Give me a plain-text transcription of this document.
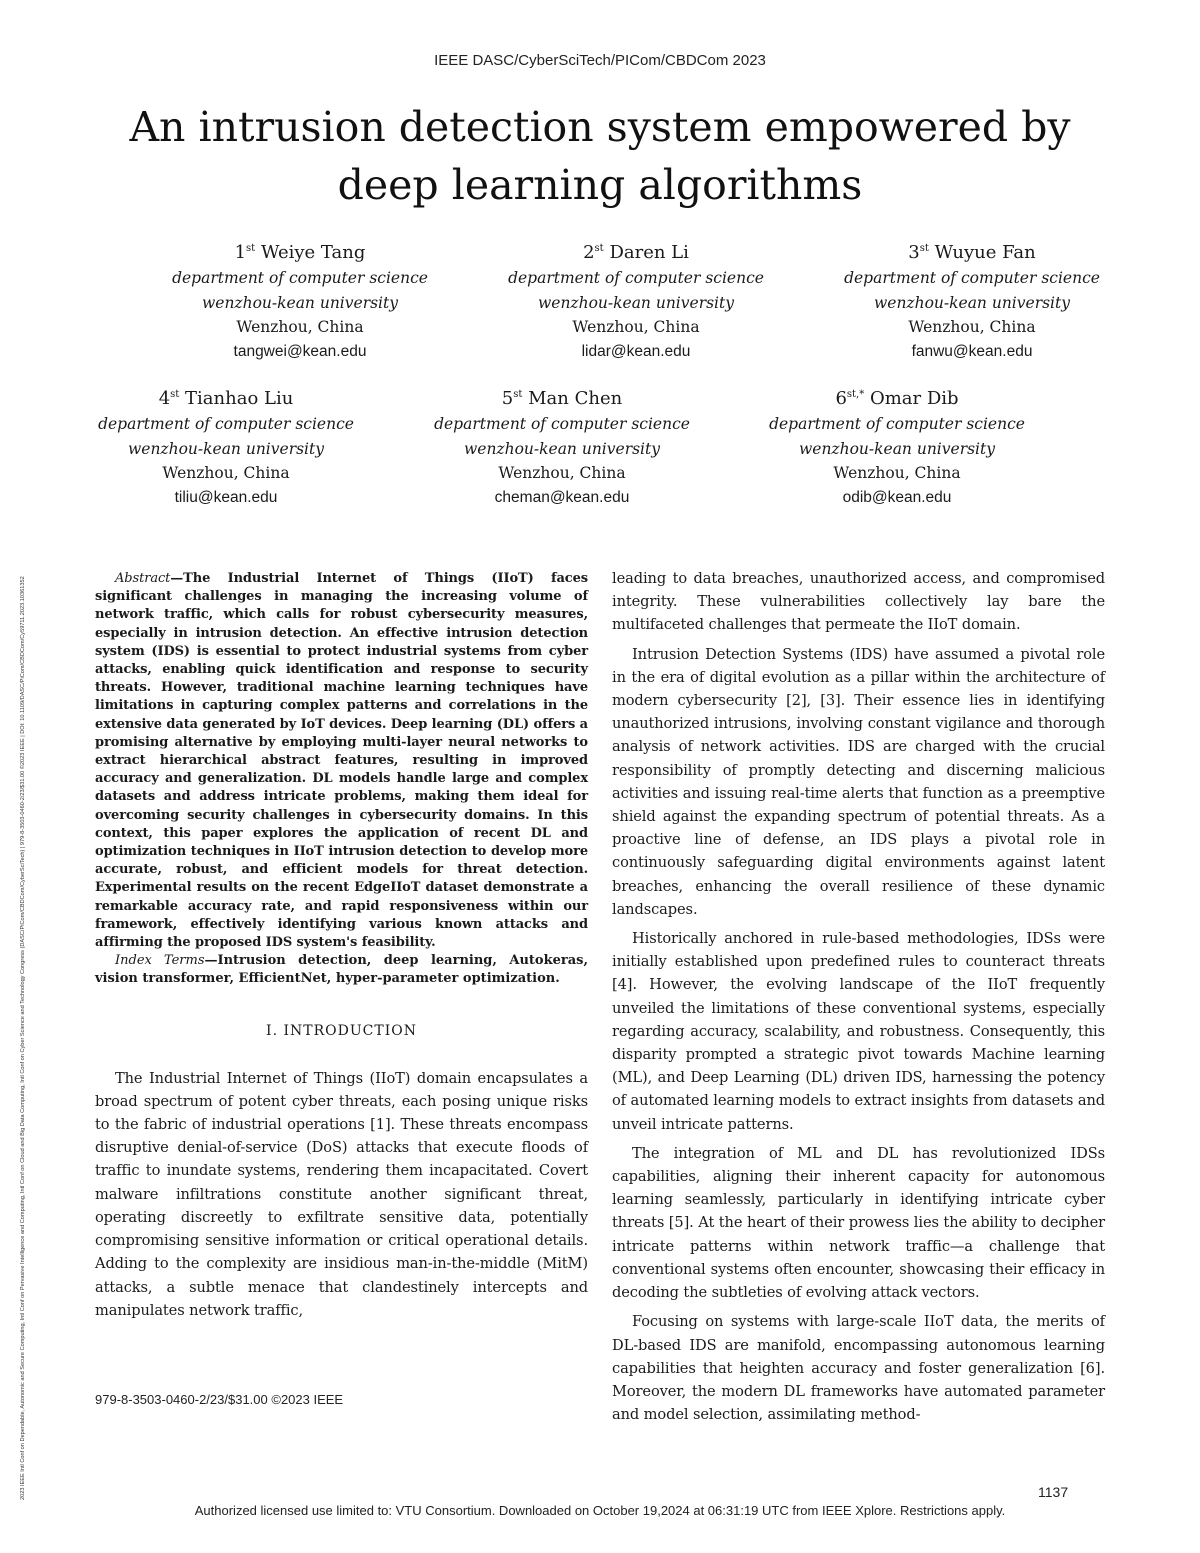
IEEE DASC/CyberSciTech/PICom/CBDCom 2023
2023 IEEE Intl Conf on Dependable, Autonomic and Secure Computing, Intl Conf on Pervasive Intelligence and Computing, Intl Conf on Cloud and Big Data Computing, Intl Conf on Cyber Science and Technology Congress (DASC/PiCom/CBDCom/CyberSciTech) | 979-8-3503-0460-2/23/$31.00 ©2023 IEEE | DOI: 10.1109/DASC/PiCom/CBDCom/Cy59711.2023.10361352
An intrusion detection system empowered by deep learning algorithms
1st Weiye Tang
department of computer science
wenzhou-kean university
Wenzhou, China
tangwei@kean.edu
2st Daren Li
department of computer science
wenzhou-kean university
Wenzhou, China
lidar@kean.edu
3st Wuyue Fan
department of computer science
wenzhou-kean university
Wenzhou, China
fanwu@kean.edu
4st Tianhao Liu
department of computer science
wenzhou-kean university
Wenzhou, China
tiliu@kean.edu
5st Man Chen
department of computer science
wenzhou-kean university
Wenzhou, China
cheman@kean.edu
$6^{st,*}$ Omar Dib
department of computer science
wenzhou-kean university
Wenzhou, China
odib@kean.edu

Abstract—The Industrial Internet of Things (IIoT) faces significant challenges in managing the increasing volume of network traffic, which calls for robust cybersecurity measures, especially in intrusion detection. An effective intrusion detection system (IDS) is essential to protect industrial systems from cyber attacks, enabling quick identification and response to security threats. However, traditional machine learning techniques have limitations in capturing complex patterns and correlations in the extensive data generated by IoT devices. Deep learning (DL) offers a promising alternative by employing multi-layer neural networks to extract hierarchical abstract features, resulting in improved accuracy and generalization. DL models handle large and complex datasets and address intricate problems, making them ideal for overcoming security challenges in cybersecurity domains. In this context, this paper explores the application of recent DL and optimization techniques in IIoT intrusion detection to develop more accurate, robust, and efficient models for threat detection. Experimental results on the recent EdgeIIoT dataset demonstrate a remarkable accuracy rate, and rapid responsiveness within our framework, effectively identifying various known attacks and affirming the proposed IDS system's feasibility.

Index Terms—Intrusion detection, deep learning, Autokeras, vision transformer, EfficientNet, hyper-parameter optimization.

I. INTRODUCTION

The Industrial Internet of Things (IIoT) domain encapsulates a broad spectrum of potent cyber threats, each posing unique risks to the fabric of industrial operations [1]. These threats encompass disruptive denial-of-service (DoS) attacks that execute floods of traffic to inundate systems, rendering them incapacitated. Covert malware infiltrations constitute another significant threat, operating discreetly to exfiltrate sensitive data, potentially compromising sensitive information or critical operational details. Adding to the complexity are insidious man-in-the-middle (MitM) attacks, a subtle menace that clandestinely intercepts and manipulates network traffic,

leading to data breaches, unauthorized access, and compromised integrity. These vulnerabilities collectively lay bare the multifaceted challenges that permeate the IIoT domain.

Intrusion Detection Systems (IDS) have assumed a pivotal role in the era of digital evolution as a pillar within the architecture of modern cybersecurity [2], [3]. Their essence lies in identifying unauthorized intrusions, involving constant vigilance and thorough analysis of network activities. IDS are charged with the crucial responsibility of promptly detecting and discerning malicious activities and issuing real-time alerts that function as a preemptive shield against the expanding spectrum of potential threats. As a proactive line of defense, an IDS plays a pivotal role in continuously safeguarding digital environments against latent breaches, enhancing the overall resilience of these dynamic landscapes.

Historically anchored in rule-based methodologies, IDSs were initially established upon predefined rules to counteract threats [4]. However, the evolving landscape of the IIoT frequently unveiled the limitations of these conventional systems, especially regarding accuracy, scalability, and robustness. Consequently, this disparity prompted a strategic pivot towards Machine learning (ML), and Deep Learning (DL) driven IDS, harnessing the potency of automated learning models to extract insights from datasets and unveil intricate patterns.

The integration of ML and DL has revolutionized IDSs capabilities, aligning their inherent capacity for autonomous learning seamlessly, particularly in identifying intricate cyber threats [5]. At the heart of their prowess lies the ability to decipher intricate patterns within network traffic—a challenge that conventional systems often encounter, showcasing their efficacy in decoding the subtleties of evolving attack vectors.

Focusing on systems with large-scale IIoT data, the merits of DL-based IDS are manifold, encompassing autonomous learning capabilities that heighten accuracy and foster generalization [6]. Moreover, the modern DL frameworks have automated parameter and model selection, assimilating method-

979-8-3503-0460-2/23/$31.00 ©2023 IEEE
1137
Authorized licensed use limited to: VTU Consortium. Downloaded on October 19,2024 at 06:31:19 UTC from IEEE Xplore. Restrictions apply.
